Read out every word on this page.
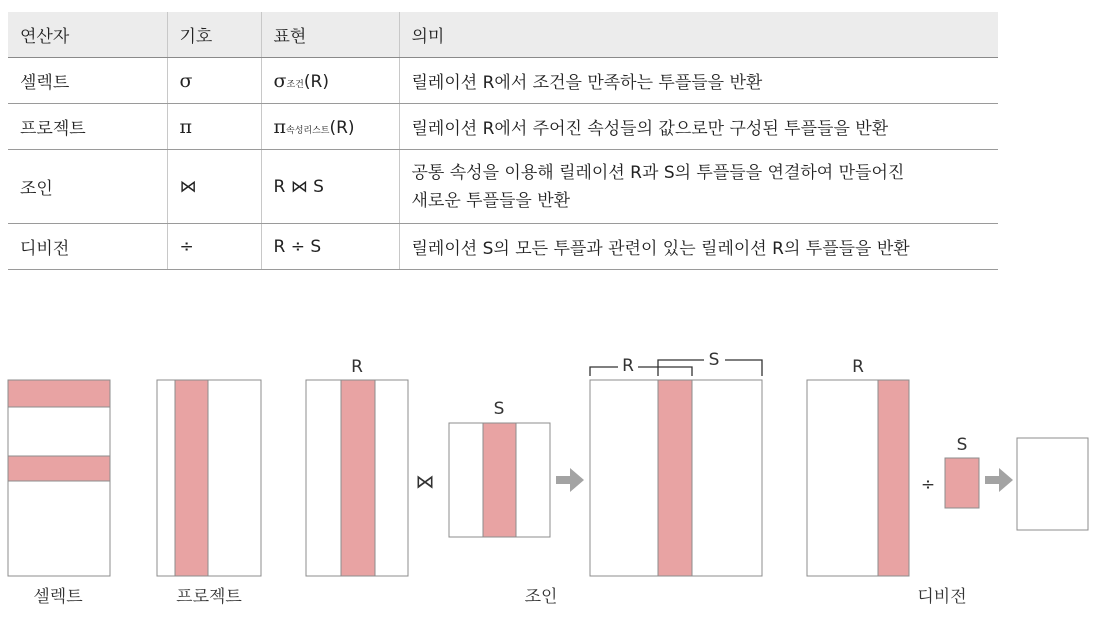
연산자	기호	표현	의미
셀렉트	σ	σ조건(R)	릴레이션 R에서 조건을 만족하는 투플들을 반환
프로젝트	π	π속성리스트(R)	릴레이션 R에서 주어진 속성들의 값으로만 구성된 투플들을 반환
조인	⋈	R ⋈ S	공통 속성을 이용해 릴레이션 R과 S의 투플들을 연결하여 만들어진
새로운 투플들을 반환

디비전	÷	R ÷ S	릴레이션 S의 모든 투플과 관련이 있는 릴레이션 R의 투플들을 반환
셀렉트	프로젝트
R
⋈
S
R	S
조인
R
÷
S
디비전
